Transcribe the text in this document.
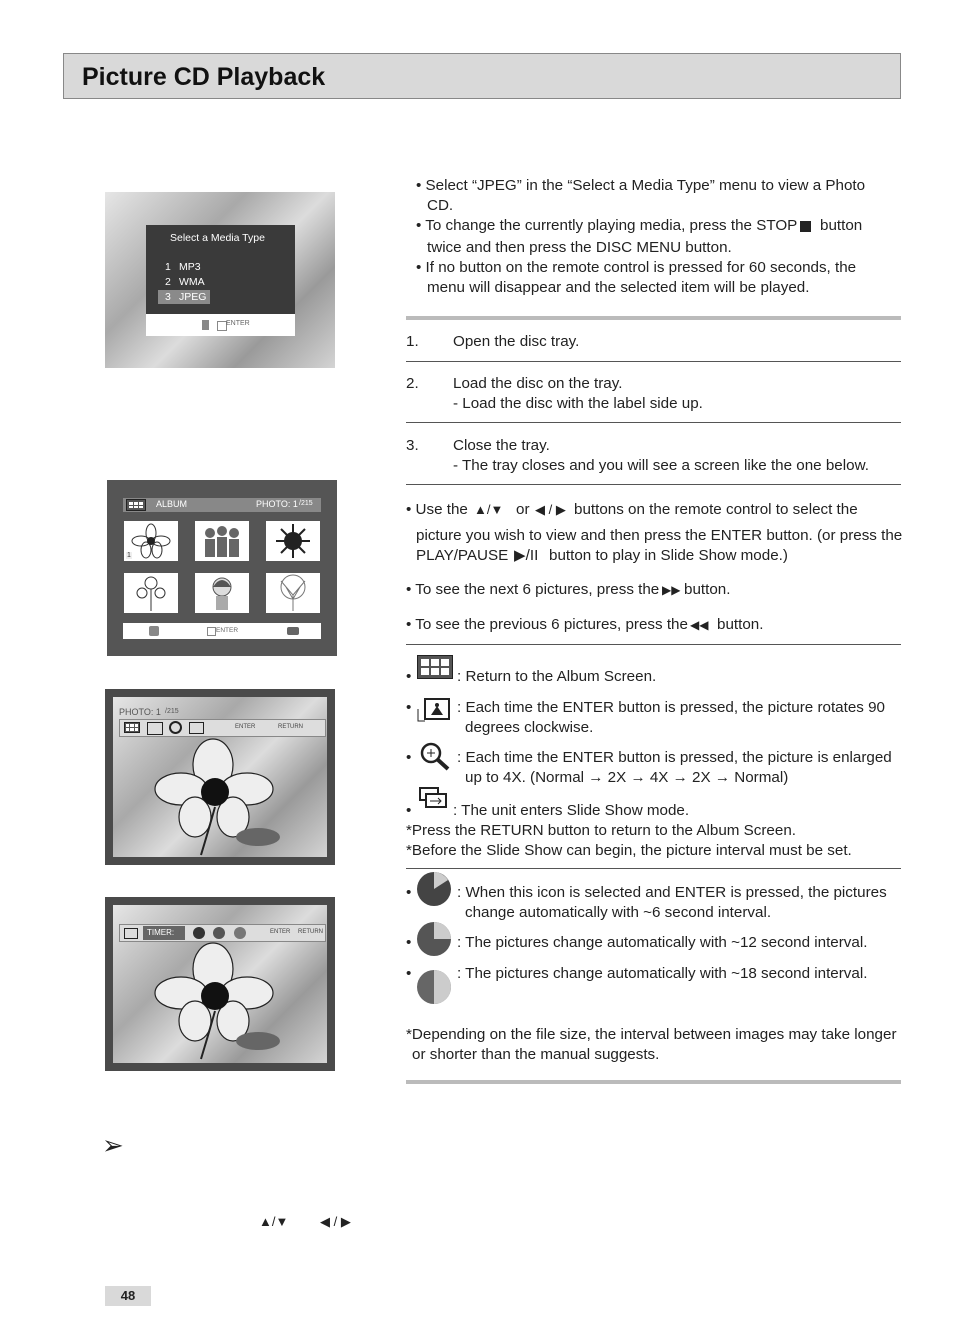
Picture CD Playback
Select a Media Type
1 MP3
2 WMA
3 JPEG
ENTER
• Select “JPEG” in the “Select a Media Type” menu to view a Photo
CD.
• To change the currently playing media, press the STOP button
twice and then press the DISC MENU button.
• If no button on the remote control is pressed for 60 seconds, the
menu will disappear and the selected item will be played.
1. Open the disc tray.
2. Load the disc on the tray.
- Load the disc with the label side up.
3. Close the tray.
- The tray closes and you will see a screen like the one below.
ALBUM	PHOTO: 1 /215
1	2	3
4	5	6
ENTER
• Use the ▲/▼ or ◀ / ▶ buttons on the remote control to select the
picture you wish to view and then press the ENTER button. (or press the
PLAY/PAUSE ▶/II button to play in Slide Show mode.)
• To see the next 6 pictures, press the ▶▶ button.
• To see the previous 6 pictures, press the ◀◀ button.
PHOTO: 1 /215
ENTER	RETURN
•	: Return to the Album Screen.
•	: Each time the ENTER button is pressed, the picture rotates 90
degrees clockwise.
•	: Each time the ENTER button is pressed, the picture is enlarged
up to 4X. (Normal → 2X → 4X → 2X → Normal)
•	: The unit enters Slide Show mode.
*Press the RETURN button to return to the Album Screen.
*Before the Slide Show can begin, the picture interval must be set.
TIMER:	ENTER RETURN
•	: When this icon is selected and ENTER is pressed, the pictures
change automatically with ~6 second interval.
•	: The pictures change automatically with ~12 second interval.
•	: The pictures change automatically with ~18 second interval.
*Depending on the file size, the interval between images may take longer
or shorter than the manual suggests.
➢
▲/▼ ◀ / ▶
48
